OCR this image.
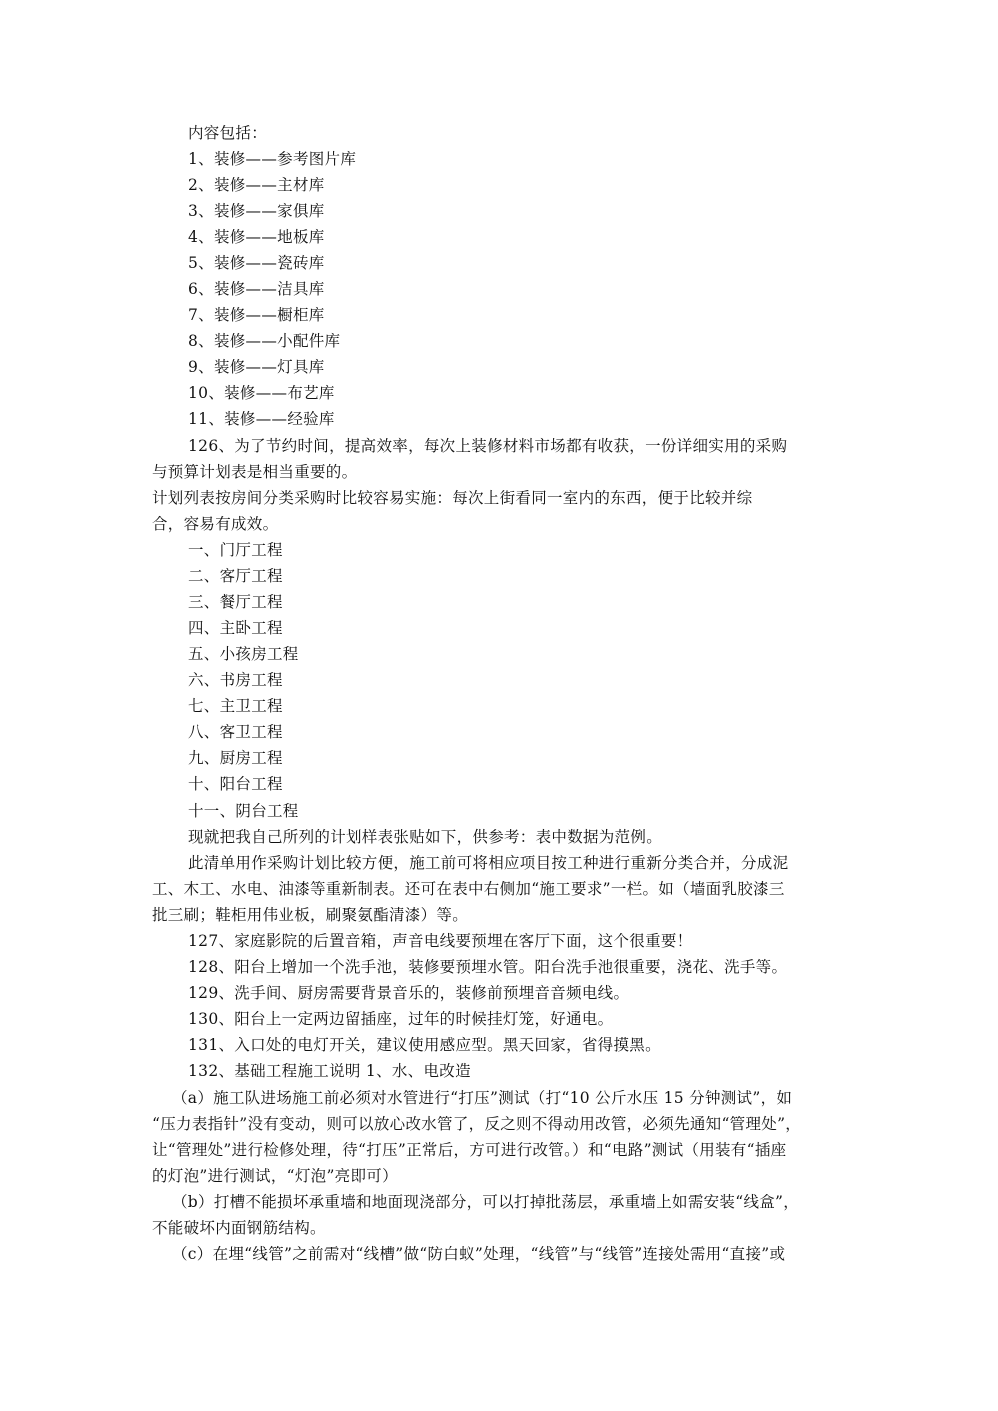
内容包括：
1、装修——参考图片库
2、装修——主材库
3、装修——家俱库
4、装修——地板库
5、装修——瓷砖库
6、装修——洁具库
7、装修——橱柜库
8、装修——小配件库
9、装修——灯具库
10、装修——布艺库
11、装修——经验库
126、为了节约时间，提高效率，每次上装修材料市场都有收获，一份详细实用的采购
与预算计划表是相当重要的。
计划列表按房间分类采购时比较容易实施：每次上街看同一室内的东西，便于比较并综
合，容易有成效。
一、门厅工程
二、客厅工程
三、餐厅工程
四、主卧工程
五、小孩房工程
六、书房工程
七、主卫工程
八、客卫工程
九、厨房工程
十、阳台工程
十一、阴台工程
现就把我自己所列的计划样表张贴如下，供参考：表中数据为范例。
此清单用作采购计划比较方便，施工前可将相应项目按工种进行重新分类合并，分成泥
工、木工、水电、油漆等重新制表。还可在表中右侧加“施工要求”一栏。如（墙面乳胶漆三
批三刷；鞋柜用伟业板，刷聚氨酯清漆）等。
127、家庭影院的后置音箱，声音电线要预埋在客厅下面，这个很重要！
128、阳台上增加一个洗手池，装修要预埋水管。阳台洗手池很重要，浇花、洗手等。
129、洗手间、厨房需要背景音乐的，装修前预埋音音频电线。
130、阳台上一定两边留插座，过年的时候挂灯笼，好通电。
131、入口处的电灯开关，建议使用感应型。黑天回家，省得摸黑。
132、基础工程施工说明 1、水、电改造
（a）施工队进场施工前必须对水管进行“打压”测试（打“10 公斤水压 15 分钟测试”，如
“压力表指针”没有变动，则可以放心改水管了，反之则不得动用改管，必须先通知“管理处”，
让“管理处”进行检修处理，待“打压”正常后，方可进行改管。）和“电路”测试（用装有“插座
的灯泡”进行测试，“灯泡”亮即可）
（b）打槽不能损坏承重墙和地面现浇部分，可以打掉批荡层，承重墙上如需安装“线盒”，
不能破坏内面钢筋结构。
（c）在埋“线管”之前需对“线槽”做“防白蚁”处理，“线管”与“线管”连接处需用“直接”或
